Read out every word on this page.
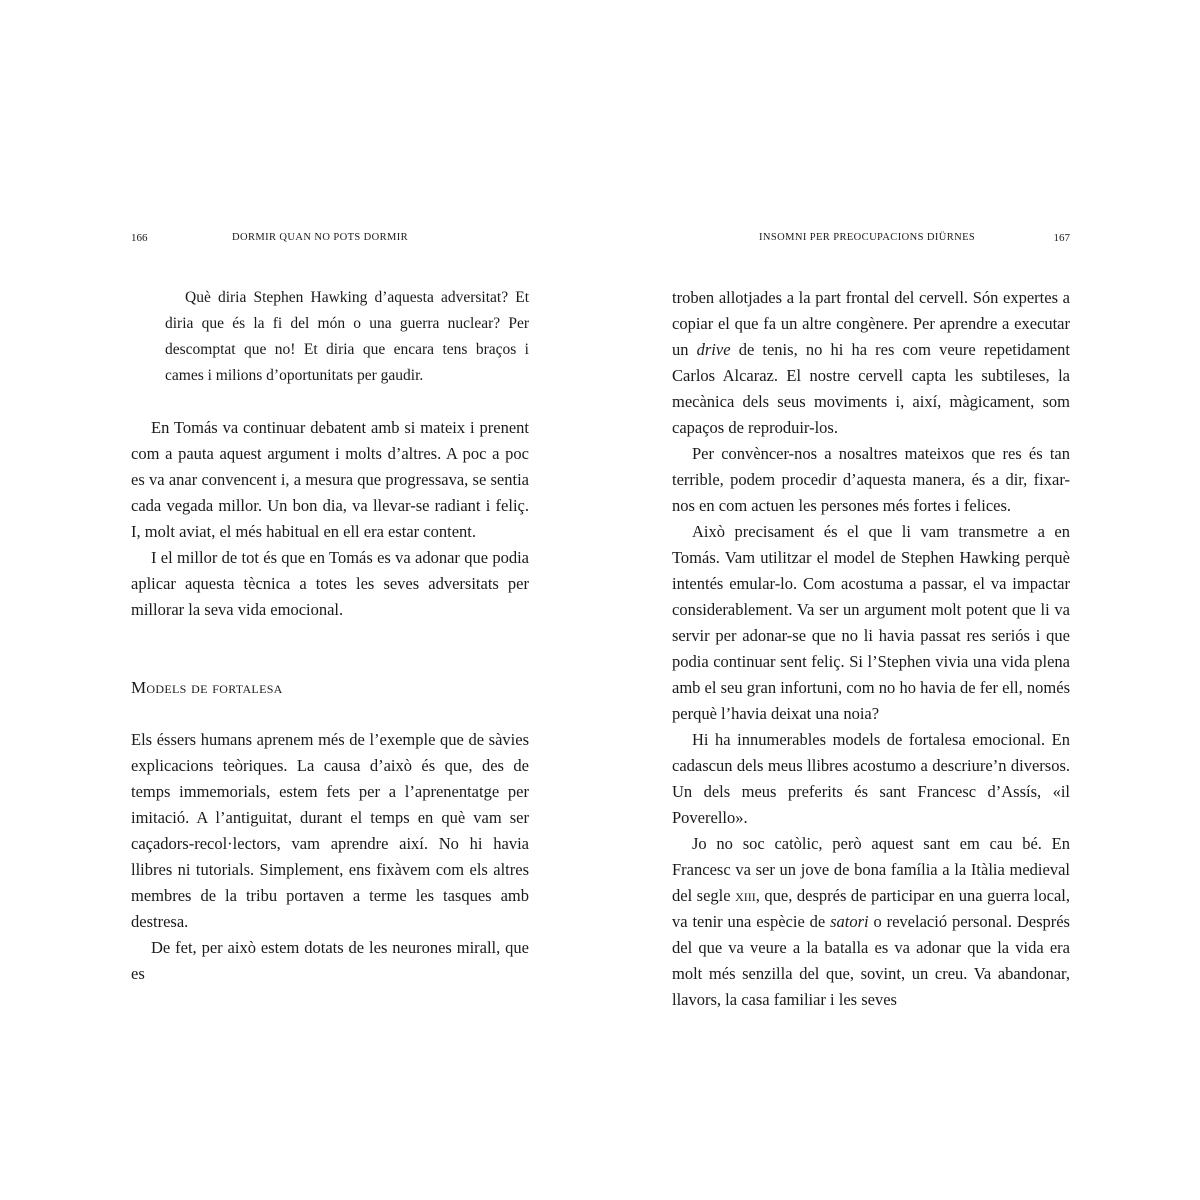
166	DORMIR QUAN NO POTS DORMIR

Què diria Stephen Hawking d’aquesta adversitat? Et diria que és la fi del món o una guerra nuclear? Per descomptat que no! Et diria que encara tens braços i cames i milions d’oportunitats per gaudir.

En Tomás va continuar debatent amb si mateix i prenent com a pauta aquest argument i molts d’altres. A poc a poc es va anar convencent i, a mesura que progressava, se sentia cada vegada millor. Un bon dia, va llevar-se radiant i feliç. I, molt aviat, el més habitual en ell era estar content.

I el millor de tot és que en Tomás es va adonar que podia aplicar aquesta tècnica a totes les seves adversitats per millorar la seva vida emocional.

Models de fortalesa

Els éssers humans aprenem més de l’exemple que de sàvies explicacions teòriques. La causa d’això és que, des de temps immemorials, estem fets per a l’aprenentatge per imitació. A l’antiguitat, durant el temps en què vam ser caçadors-recol·lectors, vam aprendre així. No hi havia llibres ni tutorials. Simplement, ens fixàvem com els altres membres de la tribu portaven a terme les tasques amb destresa.

De fet, per això estem dotats de les neurones mirall, que es

INSOMNI PER PREOCUPACIONS DIÜRNES	167

troben allotjades a la part frontal del cervell. Són expertes a copiar el que fa un altre congènere. Per aprendre a executar un drive de tenis, no hi ha res com veure repetidament Carlos Alcaraz. El nostre cervell capta les subtileses, la mecànica dels seus moviments i, així, màgicament, som capaços de reproduir-los.

Per convèncer-nos a nosaltres mateixos que res és tan terrible, podem procedir d’aquesta manera, és a dir, fixar-nos en com actuen les persones més fortes i felices.

Això precisament és el que li vam transmetre a en Tomás. Vam utilitzar el model de Stephen Hawking perquè intentés emular-lo. Com acostuma a passar, el va impactar considerablement. Va ser un argument molt potent que li va servir per adonar-se que no li havia passat res seriós i que podia continuar sent feliç. Si l’Stephen vivia una vida plena amb el seu gran infortuni, com no ho havia de fer ell, només perquè l’havia deixat una noia?

Hi ha innumerables models de fortalesa emocional. En cadascun dels meus llibres acostumo a descriure’n diversos. Un dels meus preferits és sant Francesc d’Assís, «il Poverello».

Jo no soc catòlic, però aquest sant em cau bé. En Francesc va ser un jove de bona família a la Itàlia medieval del segle xiii, que, després de participar en una guerra local, va tenir una espècie de satori o revelació personal. Després del que va veure a la batalla es va adonar que la vida era molt més senzilla del que, sovint, un creu. Va abandonar, llavors, la casa familiar i les seves
